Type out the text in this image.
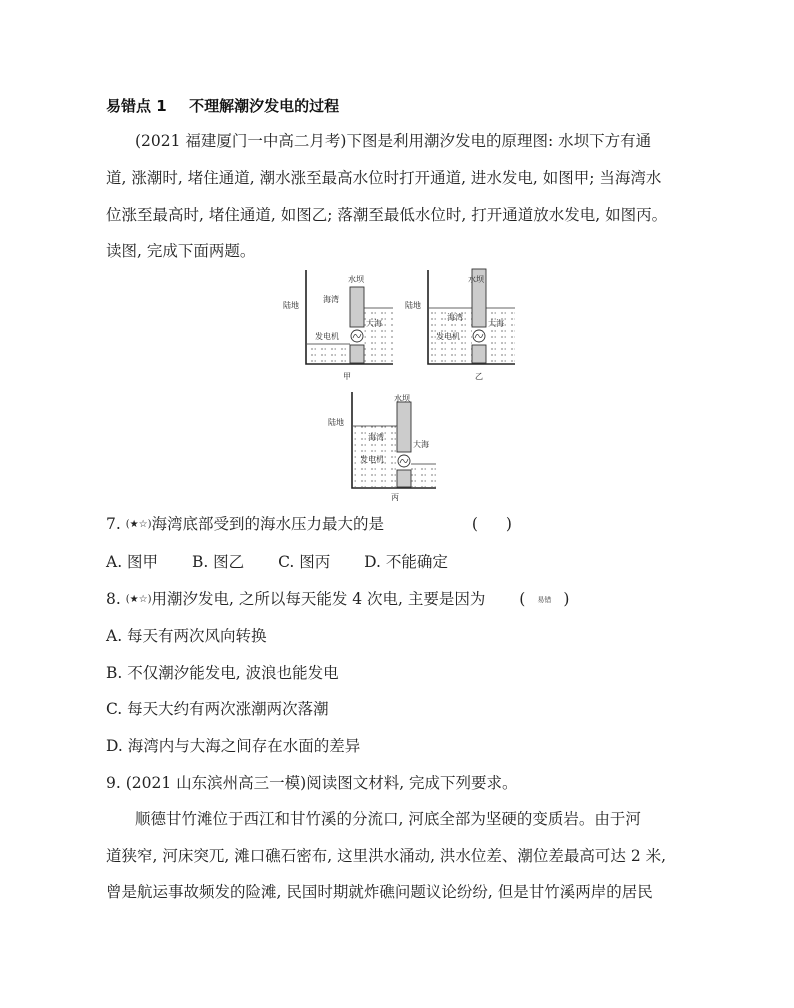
易错点 1 不理解潮汐发电的过程
(2021 福建厦门一中高二月考)下图是利用潮汐发电的原理图: 水坝下方有通
道, 涨潮时, 堵住通道, 潮水涨至最高水位时打开通道, 进水发电, 如图甲; 当海湾水
位涨至最高时, 堵住通道, 如图乙; 落潮至最低水位时, 打开通道放水发电, 如图丙。
读图, 完成下面两题。
水坝
陆地
海湾
大海
发电机
甲
水坝
陆地
海湾
大海
发电机
乙
水坝
陆地
海湾
大海
发电机
丙
7. (★☆)海湾底部受到的海水压力最大的是	( )
A. 图甲 B. 图乙 C. 图丙 D. 不能确定
8. (★☆)用潮汐发电, 之所以每天能发 4 次电, 主要是因为 ( 易错 )
A. 每天有两次风向转换
B. 不仅潮汐能发电, 波浪也能发电
C. 每天大约有两次涨潮两次落潮
D. 海湾内与大海之间存在水面的差异
9. (2021 山东滨州高三一模)阅读图文材料, 完成下列要求。
顺德甘竹滩位于西江和甘竹溪的分流口, 河底全部为坚硬的变质岩。由于河
道狭窄, 河床突兀, 滩口礁石密布, 这里洪水涌动, 洪水位差、潮位差最高可达 2 米,
曾是航运事故频发的险滩, 民国时期就炸礁问题议论纷纷, 但是甘竹溪两岸的居民
